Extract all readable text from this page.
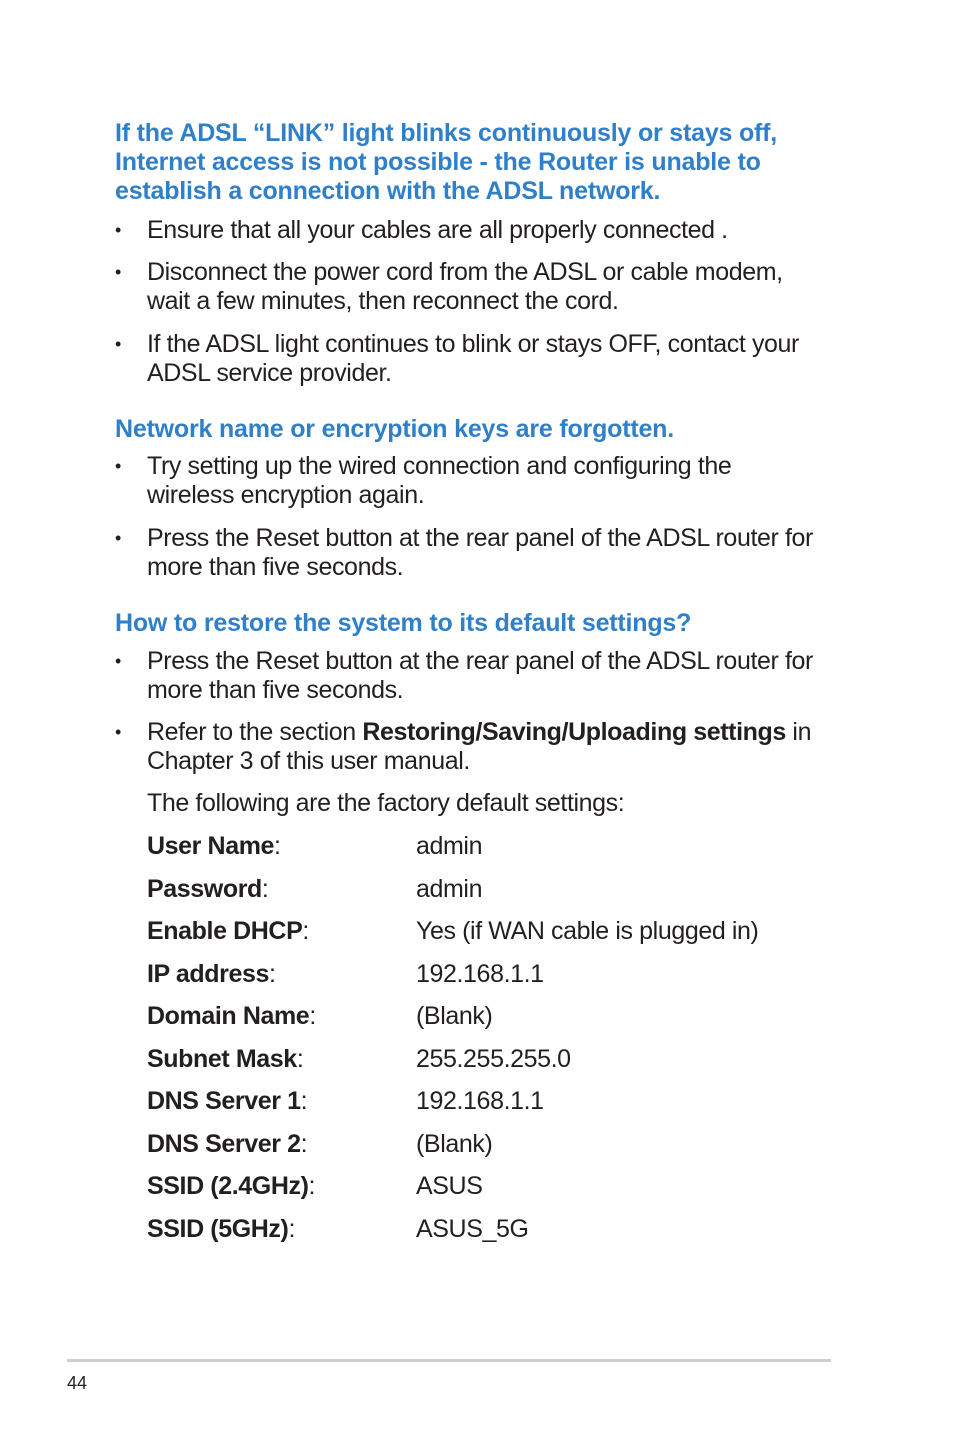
If the ADSL “LINK” light blinks continuously or stays off,
Internet access is not possible - the Router is unable to
establish a connection with the ADSL network.
•	Ensure that all your cables are all properly connected .
•	Disconnect the power cord from the ADSL or cable modem,
wait a few minutes, then reconnect the cord.
•	If the ADSL light continues to blink or stays OFF, contact your
ADSL service provider.
Network name or encryption keys are forgotten.
•	Try setting up the wired connection and configuring the
wireless encryption again.
•	Press the Reset button at the rear panel of the ADSL router for
more than five seconds.
How to restore the system to its default settings?
•	Press the Reset button at the rear panel of the ADSL router for
more than five seconds.
•	Refer to the section Restoring/Saving/Uploading settings in
Chapter 3 of this user manual.
The following are the factory default settings:
User Name:	admin
Password:	admin
Enable DHCP:	Yes (if WAN cable is plugged in)
IP address:	192.168.1.1
Domain Name:	(Blank)
Subnet Mask:	255.255.255.0
DNS Server 1:	192.168.1.1
DNS Server 2:	(Blank)
SSID (2.4GHz):	ASUS
SSID (5GHz):	ASUS_5G
44
